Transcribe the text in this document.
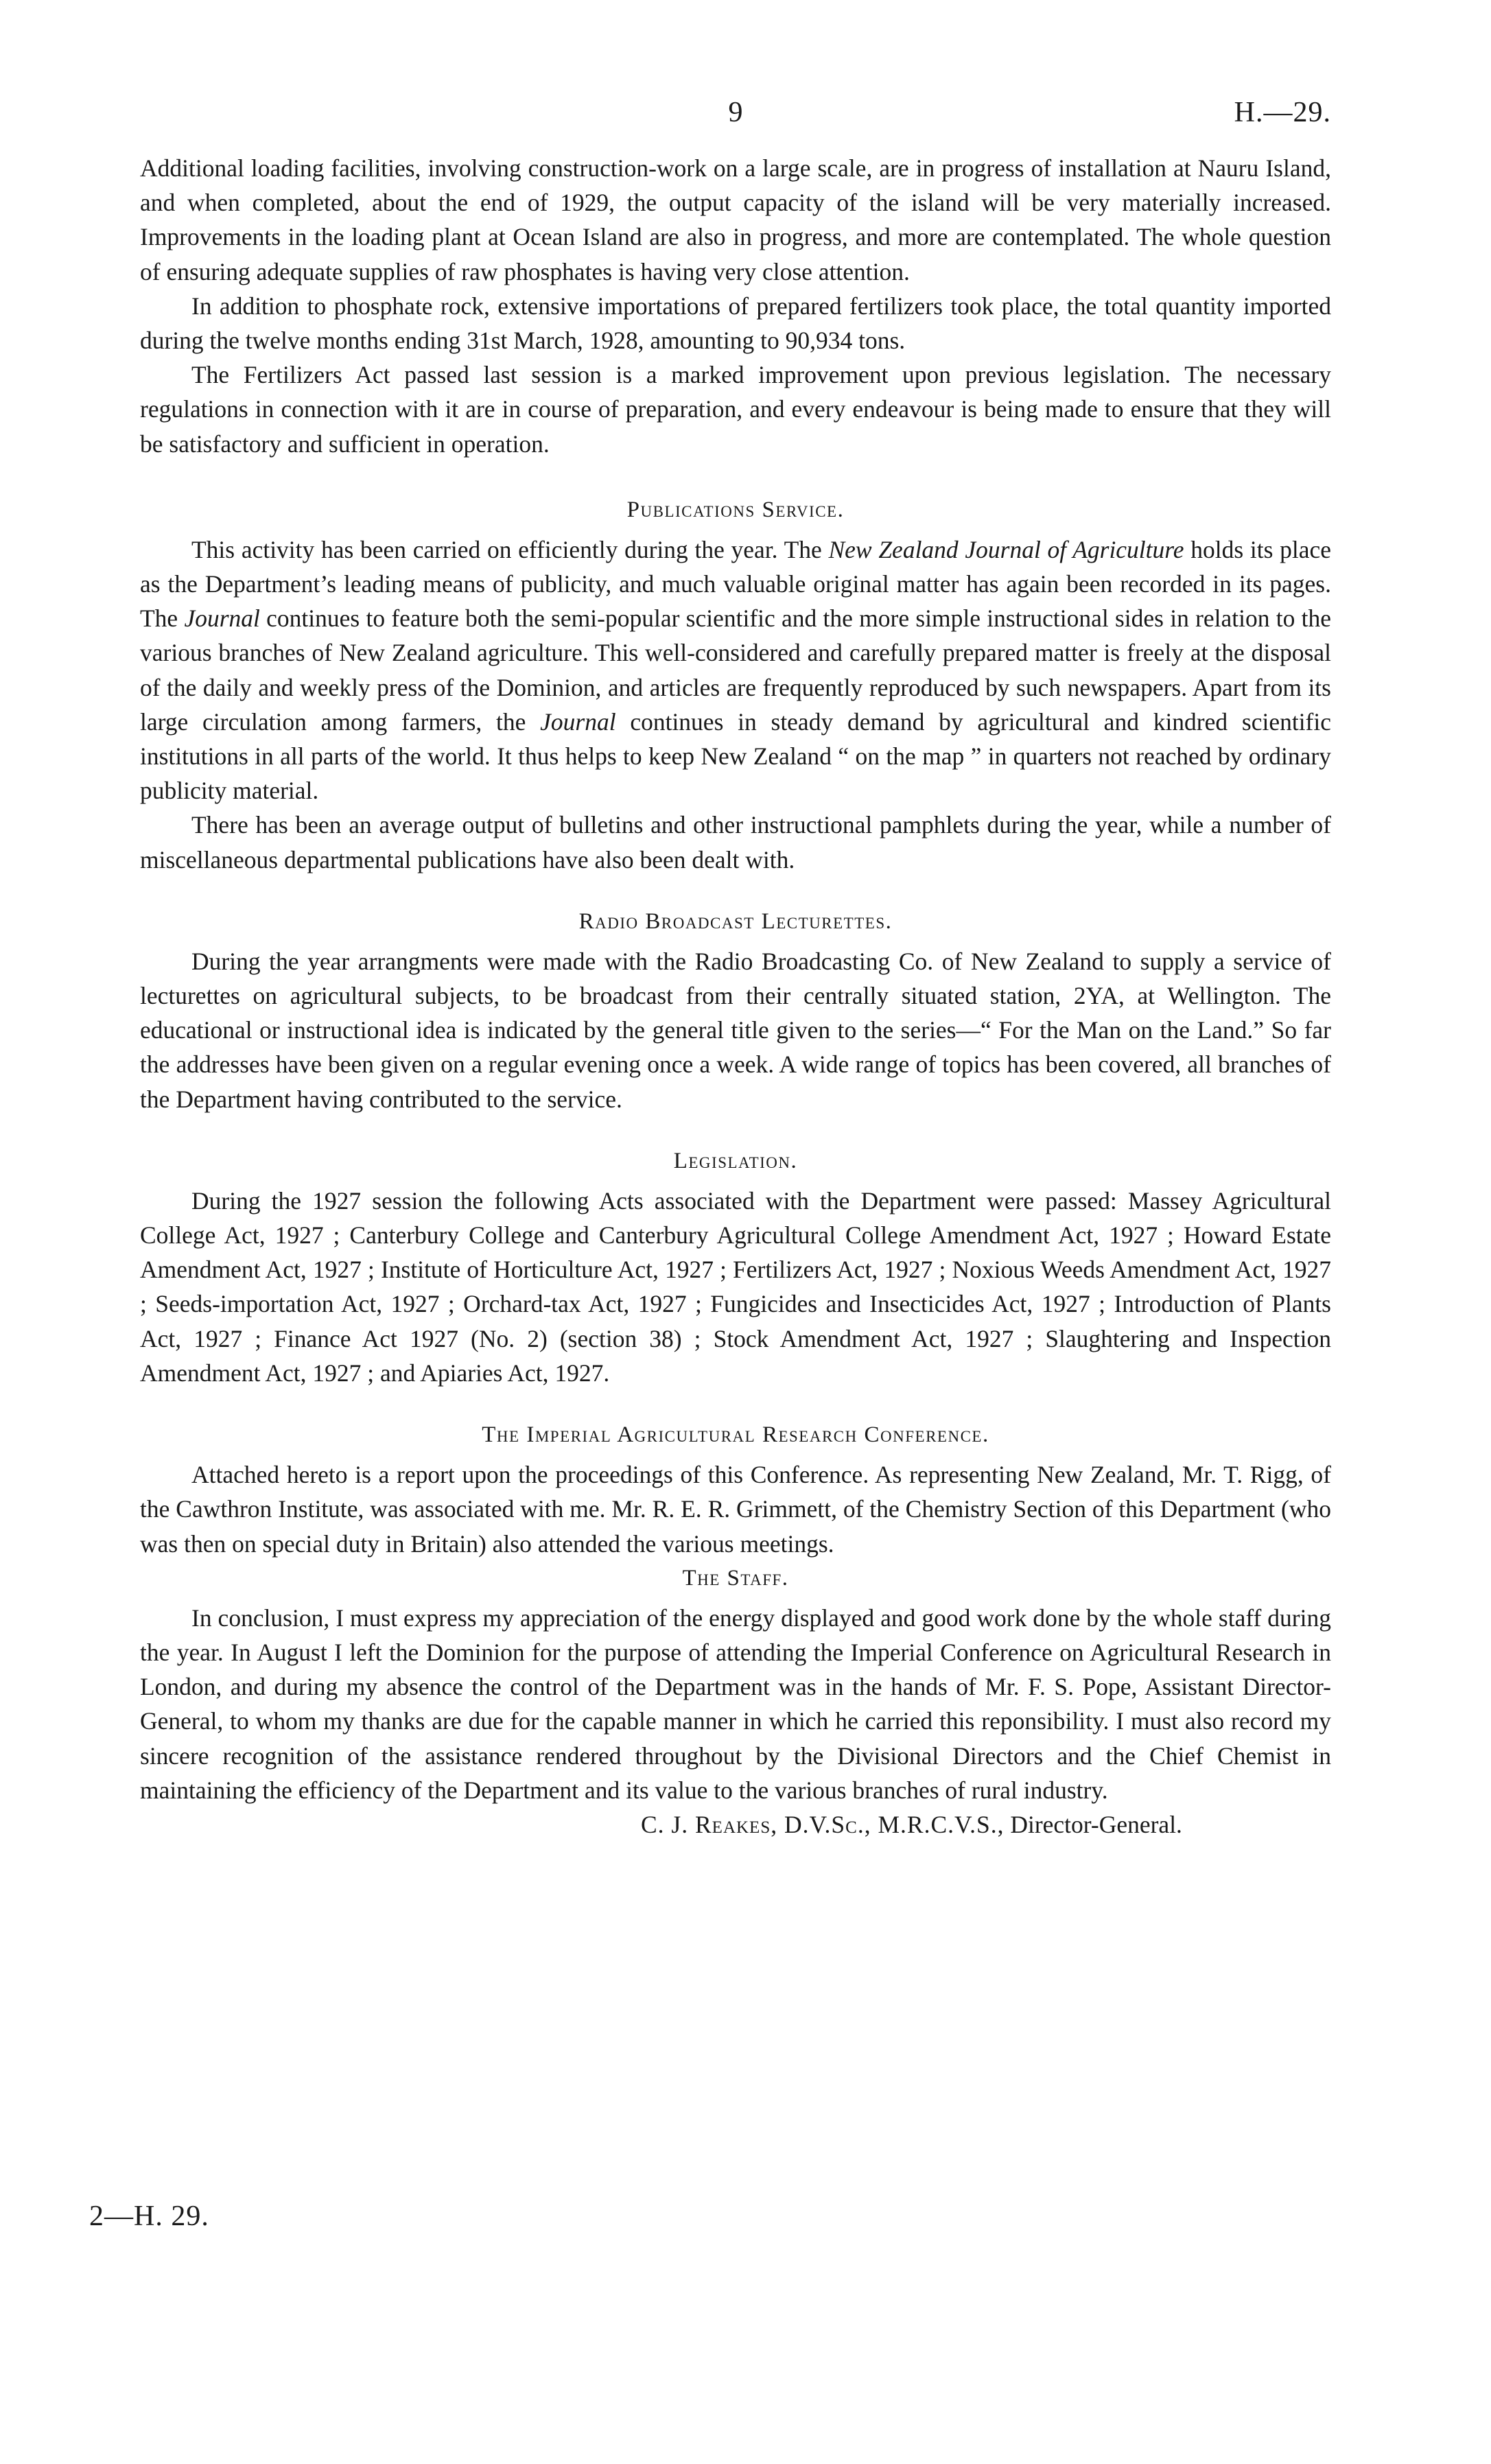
9	H.—29.

Additional loading facilities, involving construction-work on a large scale, are in progress of installation at Nauru Island, and when completed, about the end of 1929, the output capacity of the island will be very materially increased. Improvements in the loading plant at Ocean Island are also in progress, and more are contemplated. The whole question of ensuring adequate supplies of raw phosphates is having very close attention.

In addition to phosphate rock, extensive importations of prepared fertilizers took place, the total quantity imported during the twelve months ending 31st March, 1928, amounting to 90,934 tons.

The Fertilizers Act passed last session is a marked improvement upon previous legislation. The necessary regulations in connection with it are in course of preparation, and every endeavour is being made to ensure that they will be satisfactory and sufficient in operation.

Publications Service.

This activity has been carried on efficiently during the year. The New Zealand Journal of Agriculture holds its place as the Department’s leading means of publicity, and much valuable original matter has again been recorded in its pages. The Journal continues to feature both the semi-popular scientific and the more simple instructional sides in relation to the various branches of New Zealand agriculture. This well-considered and carefully prepared matter is freely at the disposal of the daily and weekly press of the Dominion, and articles are frequently reproduced by such newspapers. Apart from its large circulation among farmers, the Journal continues in steady demand by agricultural and kindred scientific institutions in all parts of the world. It thus helps to keep New Zealand “ on the map ” in quarters not reached by ordinary publicity material.

There has been an average output of bulletins and other instructional pamphlets during the year, while a number of miscellaneous departmental publications have also been dealt with.

Radio Broadcast Lecturettes.

During the year arrangments were made with the Radio Broadcasting Co. of New Zealand to supply a service of lecturettes on agricultural subjects, to be broadcast from their centrally situated station, 2YA, at Wellington. The educational or instructional idea is indicated by the general title given to the series—“ For the Man on the Land.” So far the addresses have been given on a regular evening once a week. A wide range of topics has been covered, all branches of the Department having contributed to the service.

Legislation.

During the 1927 session the following Acts associated with the Department were passed: Massey Agricultural College Act, 1927 ; Canterbury College and Canterbury Agricultural College Amendment Act, 1927 ; Howard Estate Amendment Act, 1927 ; Institute of Horticulture Act, 1927 ; Fertilizers Act, 1927 ; Noxious Weeds Amendment Act, 1927 ; Seeds-importation Act, 1927 ; Orchard-tax Act, 1927 ; Fungicides and Insecticides Act, 1927 ; Introduction of Plants Act, 1927 ; Finance Act 1927 (No. 2) (section 38) ; Stock Amendment Act, 1927 ; Slaughtering and Inspection Amendment Act, 1927 ; and Apiaries Act, 1927.

The Imperial Agricultural Research Conference.

Attached hereto is a report upon the proceedings of this Conference. As representing New Zealand, Mr. T. Rigg, of the Cawthron Institute, was associated with me. Mr. R. E. R. Grimmett, of the Chemistry Section of this Department (who was then on special duty in Britain) also attended the various meetings.

The Staff.

In conclusion, I must express my appreciation of the energy displayed and good work done by the whole staff during the year. In August I left the Dominion for the purpose of attending the Imperial Conference on Agricultural Research in London, and during my absence the control of the Department was in the hands of Mr. F. S. Pope, Assistant Director-General, to whom my thanks are due for the capable manner in which he carried this reponsibility. I must also record my sincere recognition of the assistance rendered throughout by the Divisional Directors and the Chief Chemist in maintaining the efficiency of the Department and its value to the various branches of rural industry.

C. J. Reakes, D.V.Sc., M.R.C.V.S., Director-General.
2—H. 29.
